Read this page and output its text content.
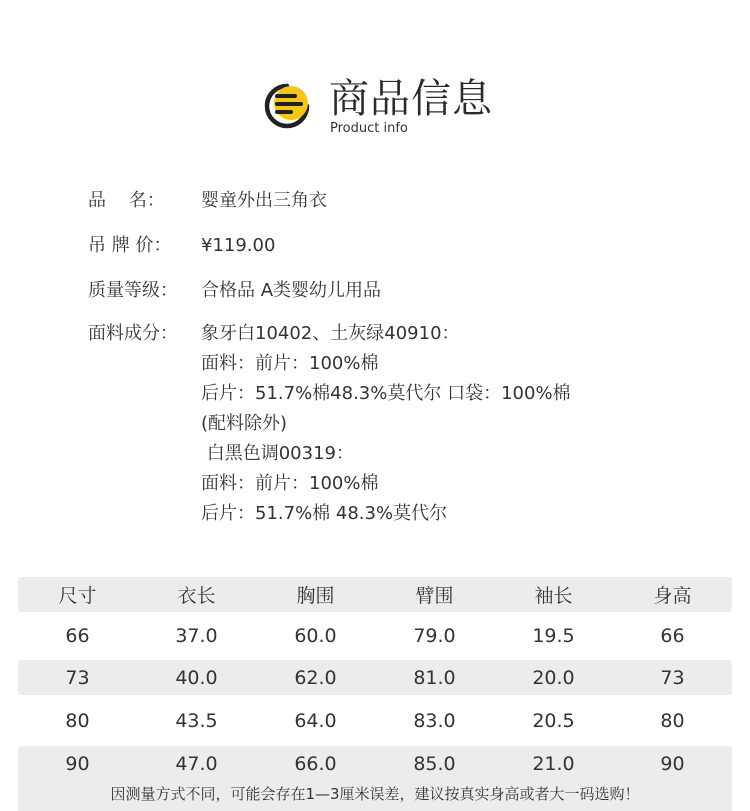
商品信息
Product info
品    名：	婴童外出三角衣
吊 牌 价：	¥119.00
质量等级：	合格品 A类婴幼儿用品
面料成分：	象牙白10402、土灰绿40910：
面料：前片：100%棉
后片：51.7%棉48.3%莫代尔 口袋：100%棉
(配料除外)
白黑色调00319：
面料：前片：100%棉
后片：51.7%棉 48.3%莫代尔
尺寸	衣长	胸围	臂围	袖长	身高
66	37.0	60.0	79.0	19.5	66
73	40.0	62.0	81.0	20.0	73
80	43.5	64.0	83.0	20.5	80
90	47.0	66.0	85.0	21.0	90
因测量方式不同，可能会存在1—3厘米误差，建议按真实身高或者大一码选购！
